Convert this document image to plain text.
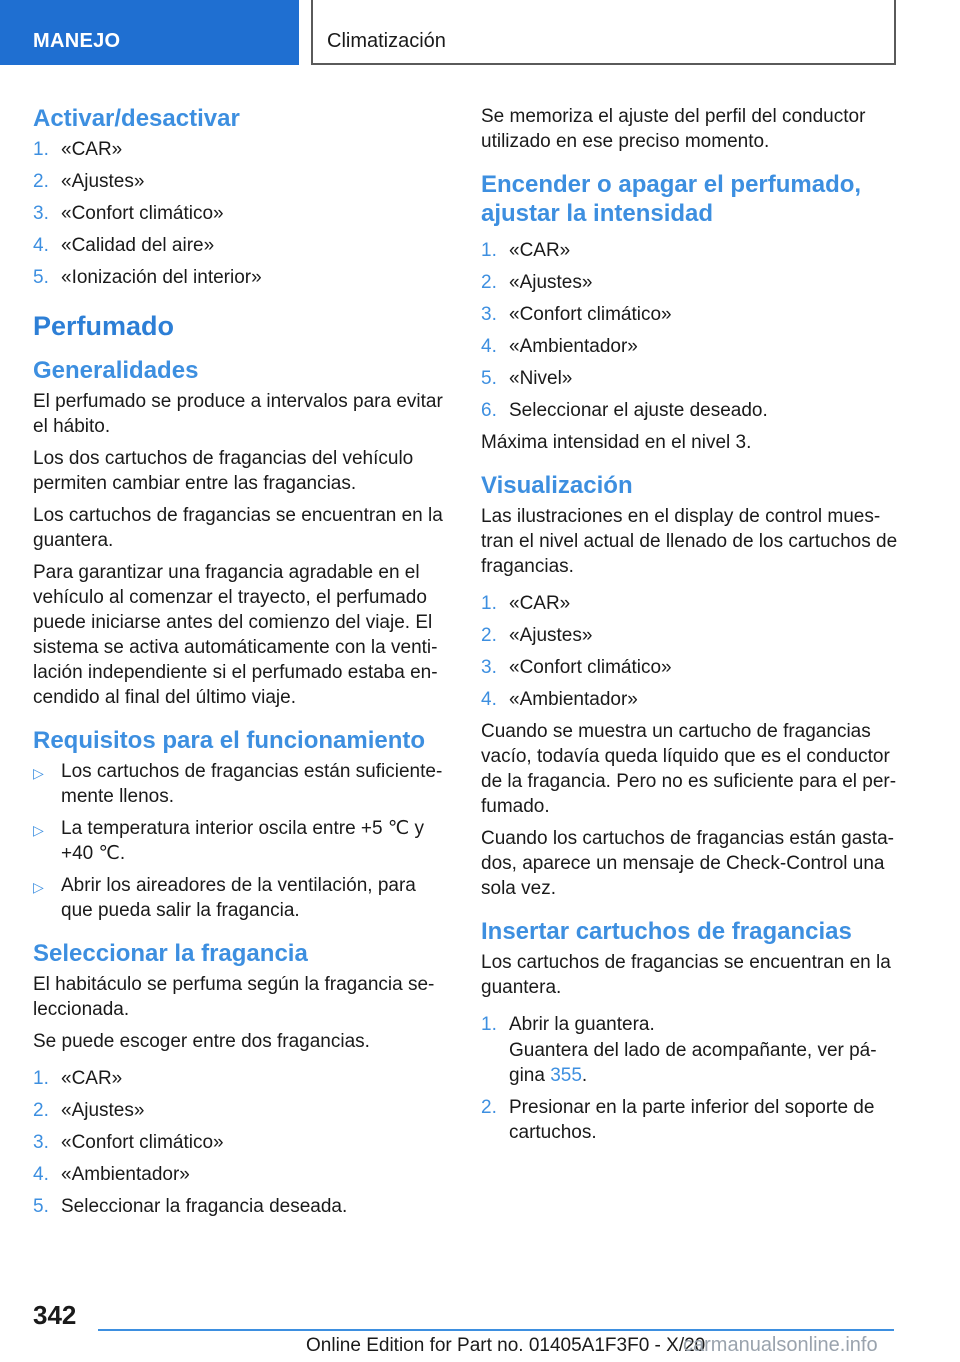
MANEJO	Climatización
Activar/desactivar
1. «CAR»
2. «Ajustes»
3. «Confort climático»
4. «Calidad del aire»
5. «Ionización del interior»
Perfumado
Generalidades

El perfumado se produce a intervalos para evitar el hábito.

Los dos cartuchos de fragancias del vehículo permiten cambiar entre las fragancias.

Los cartuchos de fragancias se encuentran en la guantera.

Para garantizar una fragancia agradable en el vehículo al comenzar el trayecto, el perfumado puede iniciarse antes del comienzo del viaje. El sistema se activa automáticamente con la ventilación independiente si el perfumado estaba encendido al final del último viaje.

Requisitos para el funcionamiento
▷ Los cartuchos de fragancias están suficientemente llenos.
▷ La temperatura interior oscila entre +5 ℃ y +40 ℃.
▷ Abrir los aireadores de la ventilación, para que pueda salir la fragancia.
Seleccionar la fragancia

El habitáculo se perfuma según la fragancia seleccionada.

Se puede escoger entre dos fragancias.

1. «CAR»
2. «Ajustes»
3. «Confort climático»
4. «Ambientador»
5. Seleccionar la fragancia deseada.

Se memoriza el ajuste del perfil del conductor utilizado en ese preciso momento.

Encender o apagar el perfumado, ajustar la intensidad
1. «CAR»
2. «Ajustes»
3. «Confort climático»
4. «Ambientador»
5. «Nivel»
6. Seleccionar el ajuste deseado.

Máxima intensidad en el nivel 3.

Visualización

Las ilustraciones en el display de control muestran el nivel actual de llenado de los cartuchos de fragancias.

1. «CAR»
2. «Ajustes»
3. «Confort climático»
4. «Ambientador»

Cuando se muestra un cartucho de fragancias vacío, todavía queda líquido que es el conductor de la fragancia. Pero no es suficiente para el perfumado.

Cuando los cartuchos de fragancias están gastados, aparece un mensaje de Check-Control una sola vez.

Insertar cartuchos de fragancias

Los cartuchos de fragancias se encuentran en la guantera.

1. Abrir la guantera.

Guantera del lado de acompañante, ver página 355.

2. Presionar en la parte inferior del soporte de cartuchos.
342
Online Edition for Part no. 01405A1F3F0 - X/20
carmanualsonline.info
